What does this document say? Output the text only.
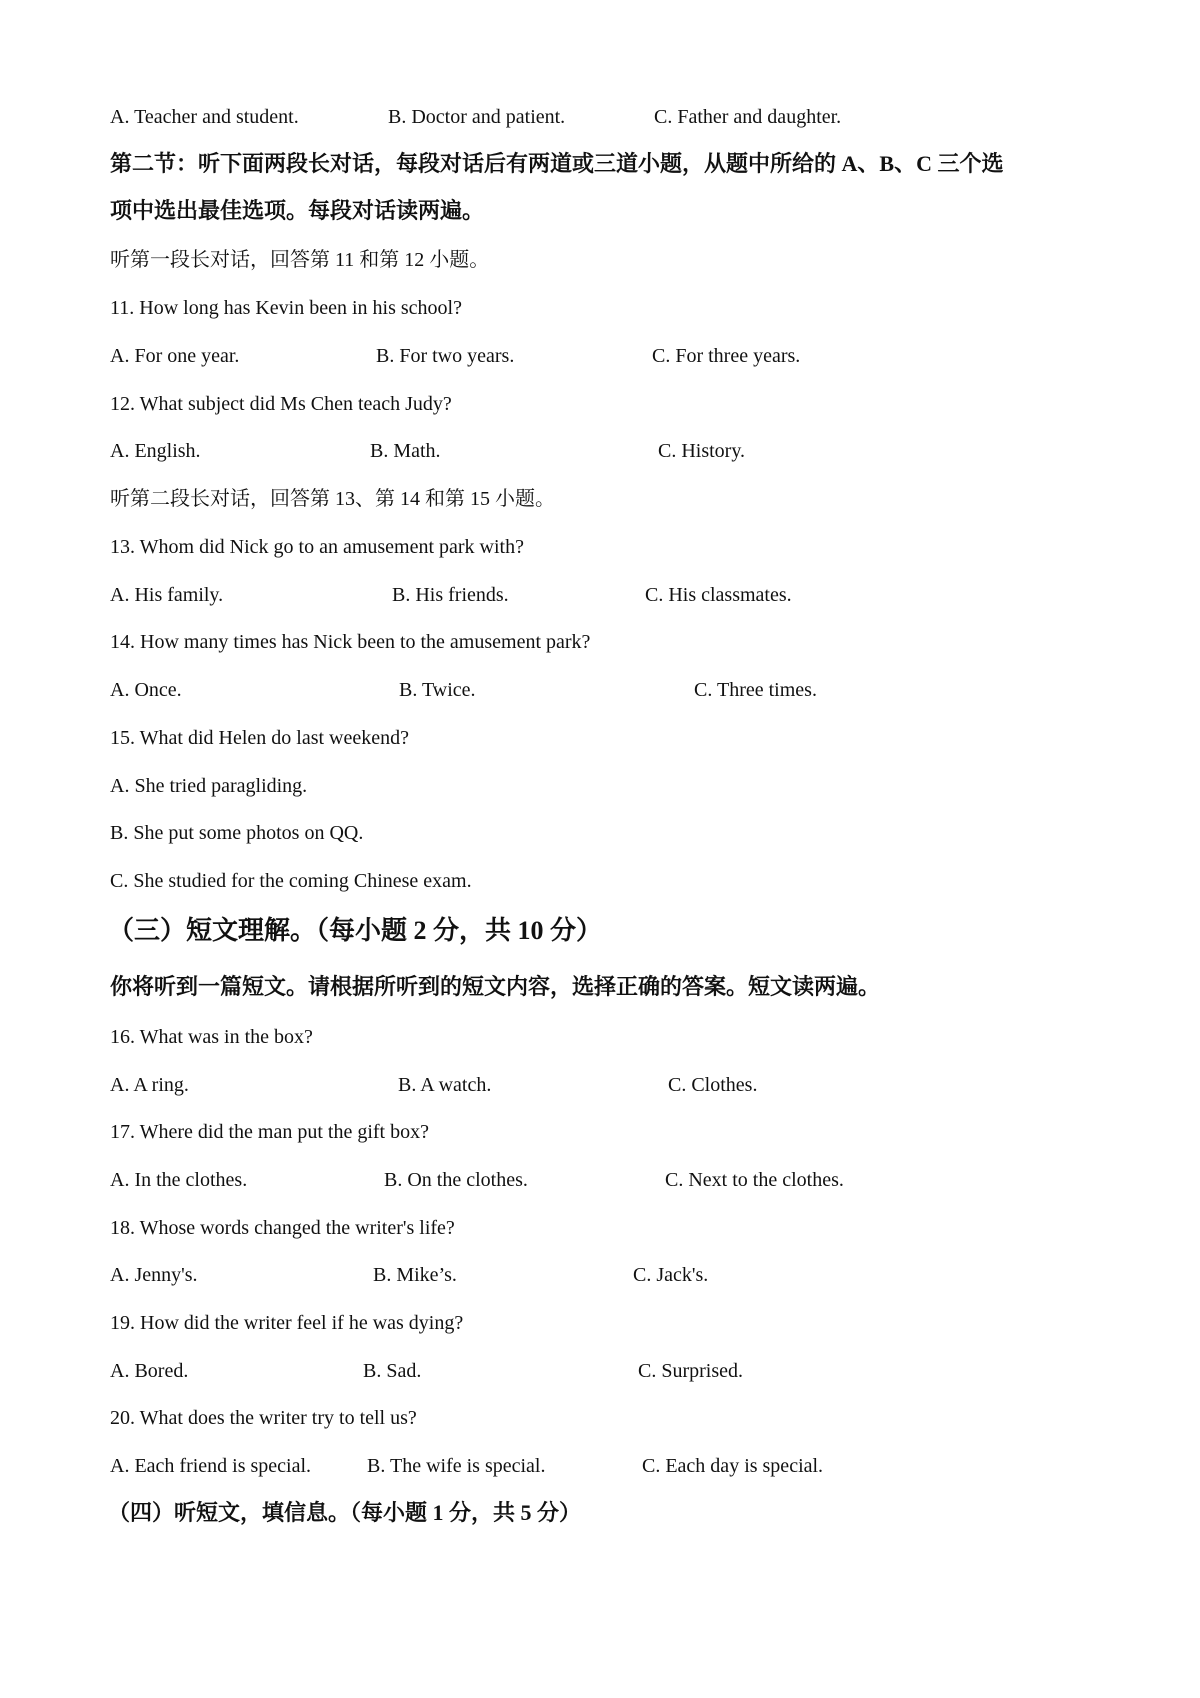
A. Teacher and student.	B. Doctor and patient.	C. Father and daughter.
第二节：听下面两段长对话，每段对话后有两道或三道小题，从题中所给的 A、B、C 三个选
项中选出最佳选项。每段对话读两遍。
听第一段长对话，回答第 11 和第 12 小题。
11. How long has Kevin been in his school?
A. For one year.	B. For two years.	C. For three years.
12. What subject did Ms Chen teach Judy?
A. English.	B. Math.	C. History.
听第二段长对话，回答第 13、第 14 和第 15 小题。
13. Whom did Nick go to an amusement park with?
A. His family.	B. His friends.	C. His classmates.
14. How many times has Nick been to the amusement park?
A. Once.	B. Twice.	C. Three times.
15. What did Helen do last weekend?
A. She tried paragliding.
B. She put some photos on QQ.
C. She studied for the coming Chinese exam.
（三）短文理解。（每小题 2 分，共 10 分）
你将听到一篇短文。请根据所听到的短文内容，选择正确的答案。短文读两遍。
16. What was in the box?
A. A ring.	B. A watch.	C. Clothes.
17. Where did the man put the gift box?
A. In the clothes.	B. On the clothes.	C. Next to the clothes.
18. Whose words changed the writer's life?
A. Jenny's.	B. Mike’s.	C. Jack's.
19. How did the writer feel if he was dying?
A. Bored.	B. Sad.	C. Surprised.
20. What does the writer try to tell us?
A. Each friend is special.	B. The wife is special.	C. Each day is special.
（四）听短文，填信息。（每小题 1 分，共 5 分）
